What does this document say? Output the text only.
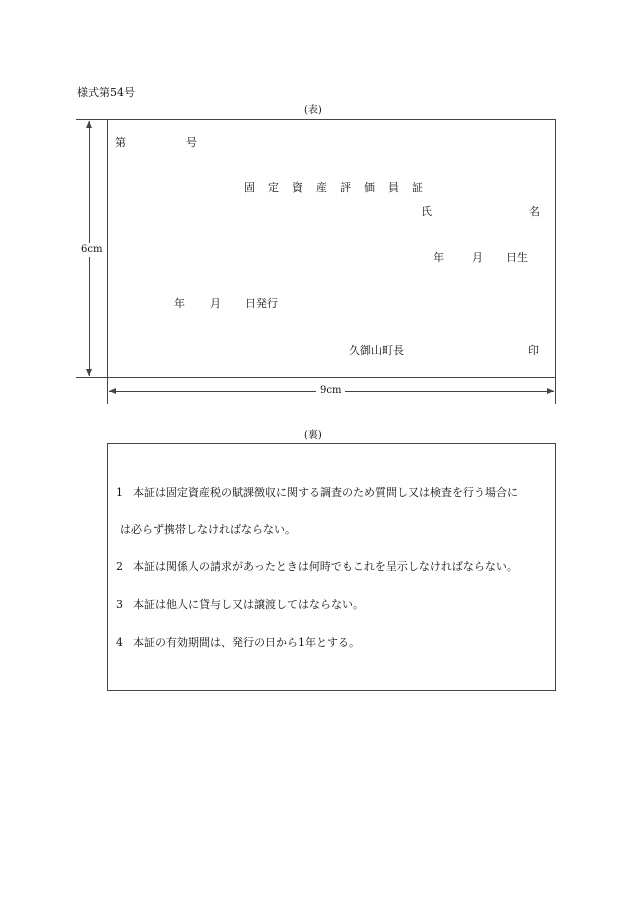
様式第54号
(表)
第	号
固 定 資 産 評 価 員 証
氏	名
年	月 日生
年 月 日発行
久御山町長	印
6cm
9cm
(裏)
1 本証は固定資産税の賦課徴収に関する調査のため質問し又は検査を行う場合に
は必らず携帯しなければならない。
2 本証は関係人の請求があったときは何時でもこれを呈示しなければならない。
3 本証は他人に貸与し又は譲渡してはならない。
4 本証の有効期間は、発行の日から1年とする。
